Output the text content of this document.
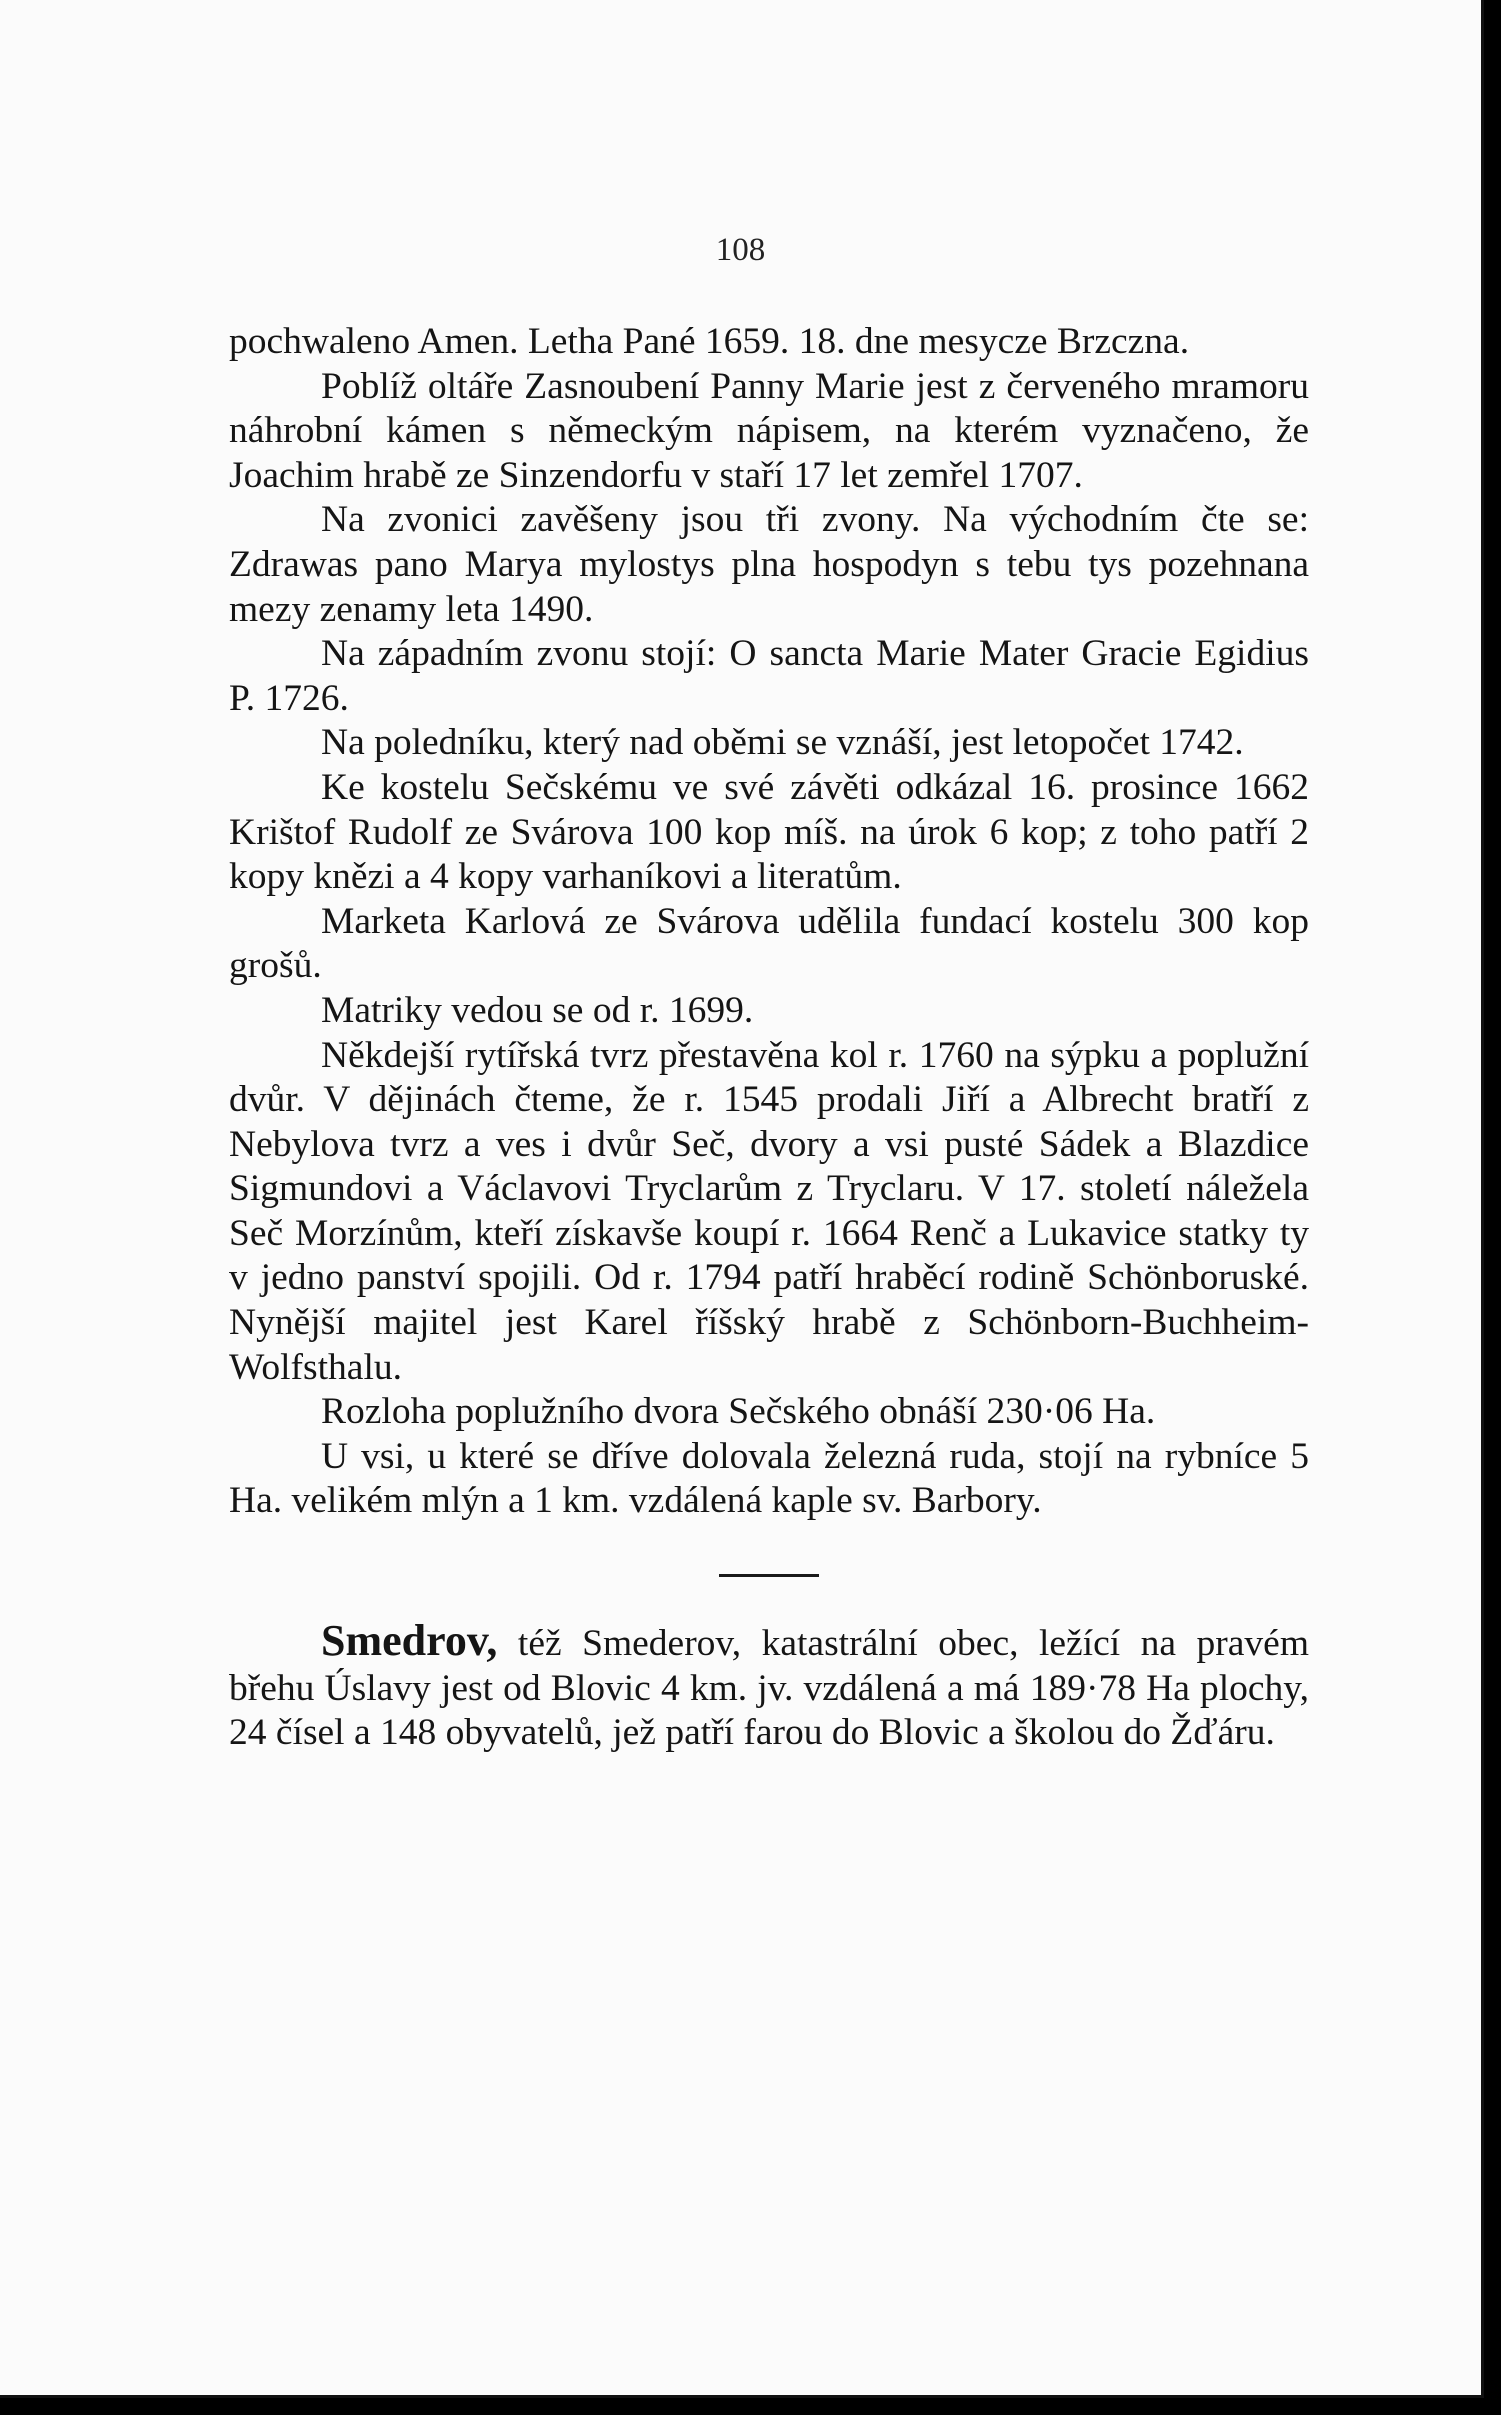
108

pochwaleno Amen. Letha Pané 1659. 18. dne mesycze Brzczna.

Poblíž oltáře Zasnoubení Panny Marie jest z červeného mramoru náhrobní kámen s německým nápisem, na kterém vyznačeno, že Joachim hrabě ze Sinzendorfu v staří 17 let zemřel 1707.

Na zvonici zavěšeny jsou tři zvony. Na východním čte se: Zdrawas pano Marya mylostys plna hospodyn s tebu tys pozehnana mezy zenamy leta 1490.

Na západním zvonu stojí: O sancta Marie Mater Gracie Egidius P. 1726.

Na poledníku, který nad oběmi se vznáší, jest letopočet 1742.

Ke kostelu Sečskému ve své závěti odkázal 16. prosince 1662 Krištof Rudolf ze Svárova 100 kop míš. na úrok 6 kop; z toho patří 2 kopy knězi a 4 kopy varhaníkovi a literatům.

Marketa Karlová ze Svárova udělila fundací kostelu 300 kop grošů.

Matriky vedou se od r. 1699.

Někdejší rytířská tvrz přestavěna kol r. 1760 na sýpku a poplužní dvůr. V dějinách čteme, že r. 1545 prodali Jiří a Albrecht bratří z Nebylova tvrz a ves i dvůr Seč, dvory a vsi pusté Sádek a Blazdice Sigmundovi a Václavovi Tryclarům z Tryclaru. V 17. století náležela Seč Morzínům, kteří získavše koupí r. 1664 Renč a Lukavice statky ty v jedno panství spojili. Od r. 1794 patří hraběcí rodině Schönboruské. Nynější majitel jest Karel říšský hrabě z Schönborn-Buchheim-Wolfsthalu.

Rozloha poplužního dvora Sečského obnáší 230·06 Ha.

U vsi, u které se dříve dolovala železná ruda, stojí na rybníce 5 Ha. velikém mlýn a 1 km. vzdálená kaple sv. Barbory.

Smedrov, též Smederov, katastrální obec, ležící na pravém břehu Úslavy jest od Blovic 4 km. jv. vzdálená a má 189·78 Ha plochy, 24 čísel a 148 obyvatelů, jež patří farou do Blovic a školou do Žďáru.
